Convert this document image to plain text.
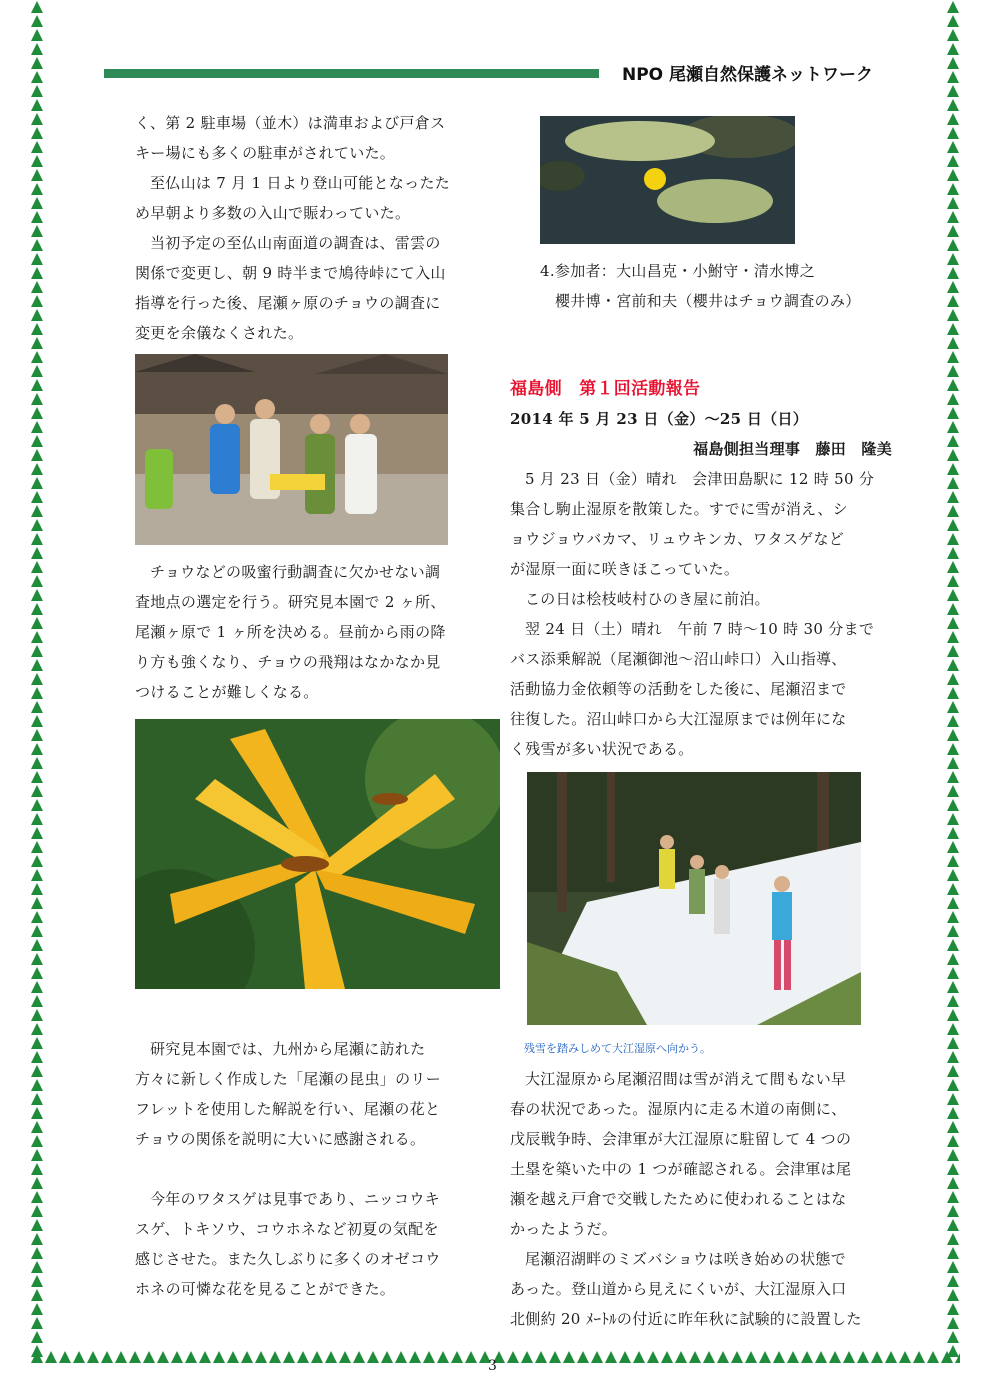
NPO 尾瀬自然保護ネットワーク

く、第 2 駐車場（並木）は満車および戸倉ス

キー場にも多くの駐車がされていた。

至仏山は 7 月 1 日より登山可能となったた

め早朝より多数の入山で賑わっていた。

当初予定の至仏山南面道の調査は、雷雲の

関係で変更し、朝 9 時半まで鳩待峠にて入山

指導を行った後、尾瀬ヶ原のチョウの調査に

変更を余儀なくされた。

チョウなどの吸蜜行動調査に欠かせない調

査地点の選定を行う。研究見本園で 2 ヶ所、

尾瀬ヶ原で 1 ヶ所を決める。昼前から雨の降

り方も強くなり、チョウの飛翔はなかなか見

つけることが難しくなる。

研究見本園では、九州から尾瀬に訪れた

方々に新しく作成した「尾瀬の昆虫」のリー

フレットを使用した解説を行い、尾瀬の花と

チョウの関係を説明に大いに感謝される。

今年のワタスゲは見事であり、ニッコウキ

スゲ、トキソウ、コウホネなど初夏の気配を

感じさせた。また久しぶりに多くのオゼコウ

ホネの可憐な花を見ることができた。

4.参加者：大山昌克・小鮒守・清水博之

櫻井博・宮前和夫（櫻井はチョウ調査のみ）

福島側　第１回活動報告

2014 年 5 月 23 日（金）～25 日（日）

福島側担当理事　藤田　隆美

5 月 23 日（金）晴れ　会津田島駅に 12 時 50 分

集合し駒止湿原を散策した。すでに雪が消え、シ

ョウジョウバカマ、リュウキンカ、ワタスゲなど

が湿原一面に咲きほこっていた。

この日は桧枝岐村ひのき屋に前泊。

翌 24 日（土）晴れ　午前 7 時～10 時 30 分まで

バス添乗解説（尾瀬御池～沼山峠口）入山指導、

活動協力金依頼等の活動をした後に、尾瀬沼まで

往復した。沼山峠口から大江湿原までは例年にな

く残雪が多い状況である。

残雪を踏みしめて大江湿原へ向かう。

大江湿原から尾瀬沼間は雪が消えて間もない早

春の状況であった。湿原内に走る木道の南側に、

戊辰戦争時、会津軍が大江湿原に駐留して 4 つの

土塁を築いた中の 1 つが確認される。会津軍は尾

瀬を越え戸倉で交戦したために使われることはな

かったようだ。

尾瀬沼湖畔のミズバショウは咲き始めの状態で

あった。登山道から見えにくいが、大江湿原入口

北側約 20 ﾒｰﾄﾙの付近に昨年秋に試験的に設置した

3
